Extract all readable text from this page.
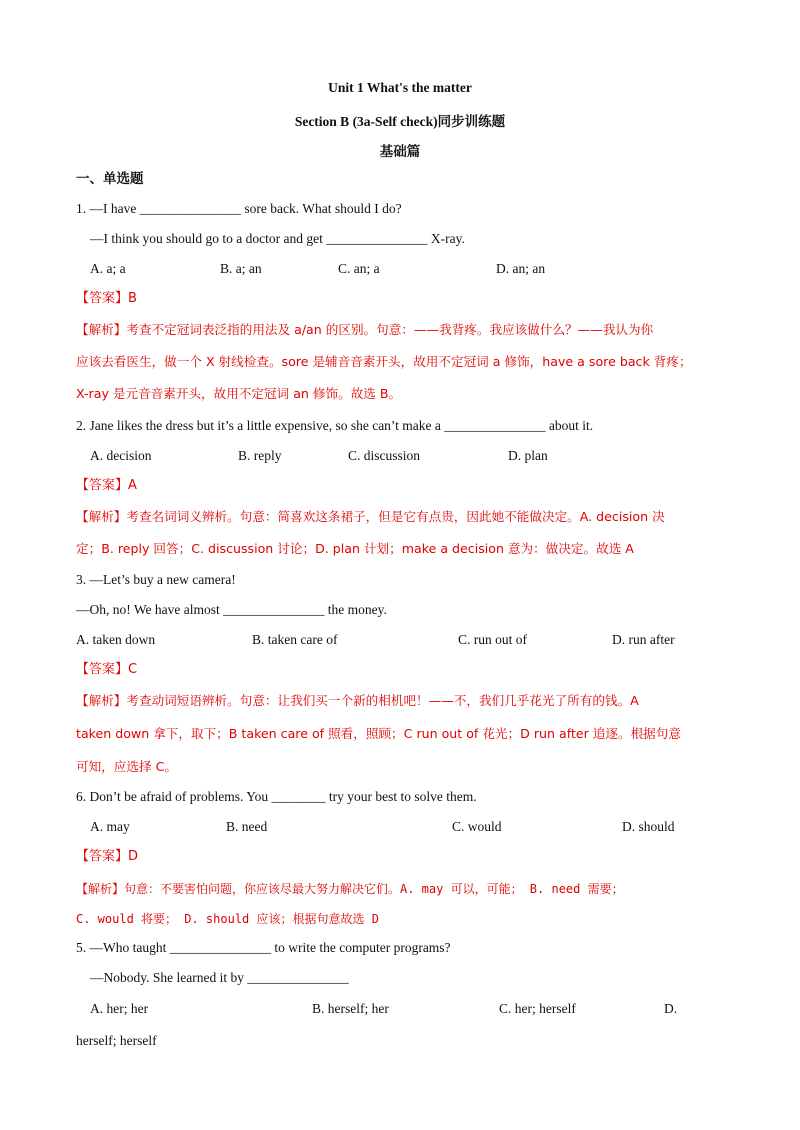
Unit 1 What's the matter
Section B (3a-Self check)同步训练题
基础篇
一、单选题
1. —I have _______________ sore back. What should I do?
—I think you should go to a doctor and get _______________ X-ray.
A. a; a	B. a; an	C. an; a	D. an; an
【答案】B
【解析】考查不定冠词表泛指的用法及 a/an 的区别。句意：——我背疼。我应该做什么？——我认为你
应该去看医生，做一个 X 射线检查。sore 是辅音音素开头，故用不定冠词 a 修饰，have a sore back 背疼；
X-ray 是元音音素开头，故用不定冠词 an 修饰。故选 B。
2. Jane likes the dress but it’s a little expensive, so she can’t make a _______________ about it.
A. decision	B. reply	C. discussion	D. plan
【答案】A
【解析】考查名词词义辨析。句意：简喜欢这条裙子，但是它有点贵，因此她不能做决定。A. decision 决
定；B. reply 回答；C. discussion 讨论；D. plan 计划；make a decision 意为：做决定。故选 A
3. —Let’s buy a new camera!
—Oh, no! We have almost _______________ the money.
A. taken down	B. taken care of	C. run out of	D. run after
【答案】C
【解析】考查动词短语辨析。句意：让我们买一个新的相机吧！——不，我们几乎花光了所有的钱。A
taken down 拿下，取下；B taken care of 照看，照顾；C run out of 花光；D run after 追逐。根据句意
可知，应选择 C。
6. Don’t be afraid of problems. You ________ try your best to solve them.
A. may	B. need	C. would	D. should
【答案】D
【解析】句意：不要害怕问题，你应该尽最大努力解决它们。A. may 可以，可能； B. need 需要；
C. would 将要； D. should 应该；根据句意故选 D
5. —Who taught _______________ to write the computer programs?
—Nobody. She learned it by _______________
A. her; her	B. herself; her	C. her; herself	D.
herself; herself
